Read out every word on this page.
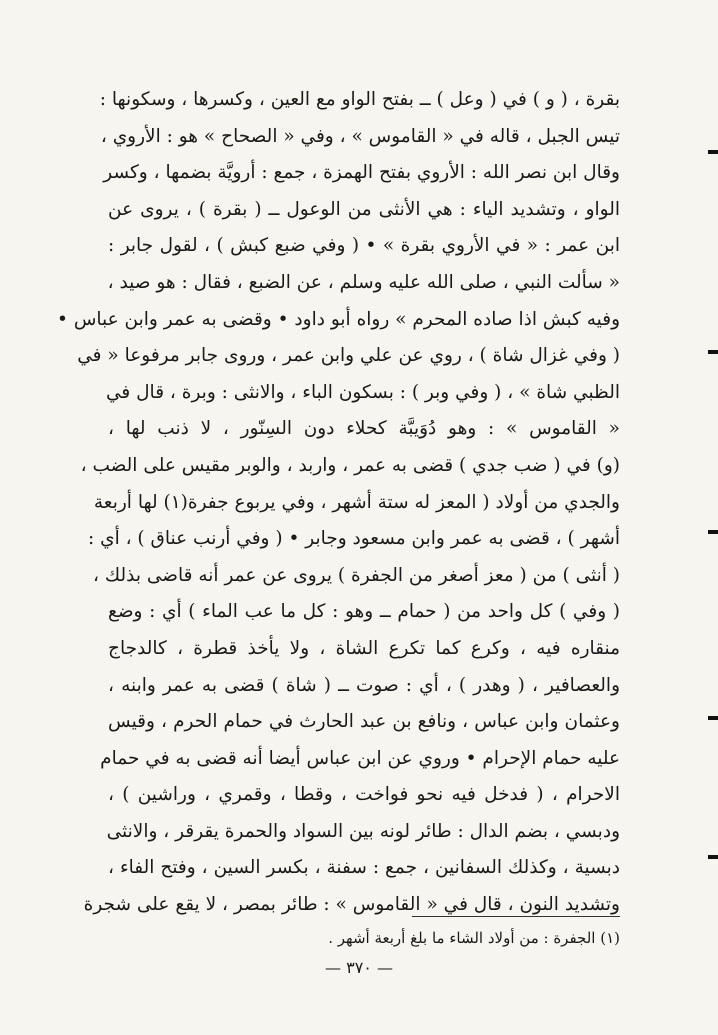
بقرة ، ( و ) في ( وعل ) ــ بفتح الواو مع العين ، وكسرها ، وسكونها :
تيس الجبل ، قاله في « القاموس » ، وفي « الصحاح » هو : الأروي ،
وقال ابن نصر الله : الأروي بفتح الهمزة ، جمع : أرويَّة بضمها ، وكسر
الواو ، وتشديد الياء : هي الأنثى من الوعول ــ ( بقرة ) ، يروى عن
ابن عمر : « في الأروي بقرة » • ( وفي ضبع كبش ) ، لقول جابر :
« سألت النبي ، صلى الله عليه وسلم ، عن الضبع ، فقال : هو صيد ،
وفيه كبش اذا صاده المحرم » رواه أبو داود • وقضى به عمر وابن عباس •
( وفي غزال شاة ) ، روي عن علي وابن عمر ، وروى جابر مرفوعا « في
الظبي شاة » ، ( وفي وبر ) : بسكون الباء ، والانثى : وبرة ، قال في
« القاموس » : وهو دُوَيبَّة كحلاء دون السِنّور ، لا ذنب لها ،
(و) في ( ضب جدي ) قضى به عمر ، واربد ، والوبر مقيس على الضب ،
والجدي من أولاد ( المعز له ستة أشهر ، وفي يربوع جفرة(١) لها أربعة
أشهر ) ، قضى به عمر وابن مسعود وجابر • ( وفي أرنب عناق ) ، أي :
( أنثى ) من ( معز أصغر من الجفرة ) يروى عن عمر أنه قاضى بذلك ،
( وفي ) كل واحد من ( حمام ــ وهو : كل ما عب الماء ) أي : وضع
منقاره فيه ، وكرع كما تكرع الشاة ، ولا يأخذ قطرة ، كالدجاج
والعصافير ، ( وهدر ) ، أي : صوت ــ ( شاة ) قضى به عمر وابنه ،
وعثمان وابن عباس ، ونافع بن عبد الحارث في حمام الحرم ، وقيس
عليه حمام الإحرام • وروي عن ابن عباس أيضا أنه قضى به في حمام
الاحرام ، ( فدخل فيه نحو فواخت ، وقطا ، وقمري ، وراشين ) ،
ودبسي ، بضم الدال : طائر لونه بين السواد والحمرة يقرقر ، والانثى
دبسية ، وكذلك السفانين ، جمع : سفنة ، بكسر السين ، وفتح الفاء ،
وتشديد النون ، قال في « القاموس » : طائر بمصر ، لا يقع على شجرة
(١) الجفرة : من أولاد الشاء ما بلغ أربعة أشهر .
— ٣٧٠ —
